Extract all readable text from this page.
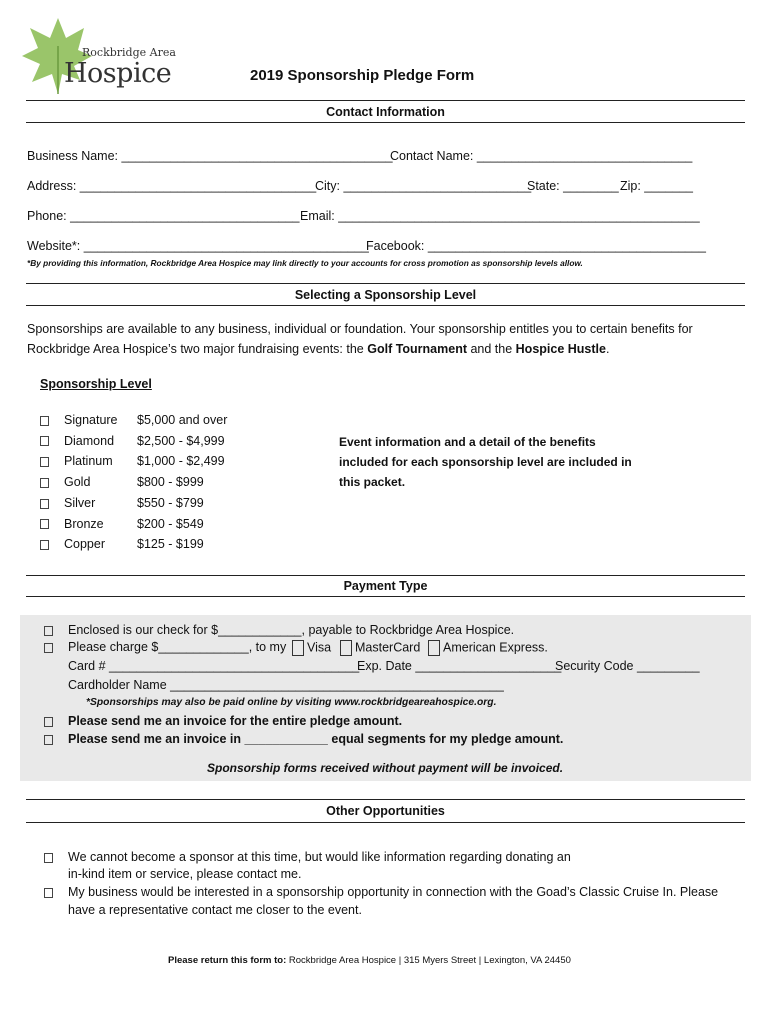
Rockbridge Area
Hospice	2019 Sponsorship Pledge Form
Contact Information
Business Name: _______________________________________
Contact Name: _______________________________
Address: __________________________________
City: ___________________________
State: ________ Zip: _______
Phone: _________________________________ Email: ____________________________________________________
Website*: _________________________________________
Facebook: ________________________________________
*By providing this information, Rockbridge Area Hospice may link directly to your accounts for cross promotion as sponsorship levels allow.
Selecting a Sponsorship Level
Sponsorships are available to any business, individual or foundation. Your sponsorship entitles you to certain benefits for
Rockbridge Area Hospice’s two major fundraising events: the Golf Tournament and the Hospice Hustle.
Sponsorship Level
Signature $5,000 and over
Diamond $2,500 - $4,999
Platinum $1,000 - $2,499
Gold	$800 - $999
Silver	$550 - $799
Bronze	$200 - $549
Copper	$125 - $199
Event information and a detail of the benefits
included for each sponsorship level are included in
this packet.
Payment Type
Enclosed is our check for $____________, payable to Rockbridge Area Hospice.
Please charge $_____________, to my	Visa	MasterCard	American Express.
Card # ____________________________________
Exp. Date _____________________
Security Code _________
Cardholder Name ________________________________________________
*Sponsorships may also be paid online by visiting www.rockbridgeareahospice.org.
Please send me an invoice for the entire pledge amount.
Please send me an invoice in ____________ equal segments for my pledge amount.
Sponsorship forms received without payment will be invoiced.
Other Opportunities
We cannot become a sponsor at this time, but would like information regarding donating an
in-kind item or service, please contact me.
My business would be interested in a sponsorship opportunity in connection with the Goad’s Classic Cruise In. Please
have a representative contact me closer to the event.
Please return this form to: Rockbridge Area Hospice | 315 Myers Street | Lexington, VA 24450
